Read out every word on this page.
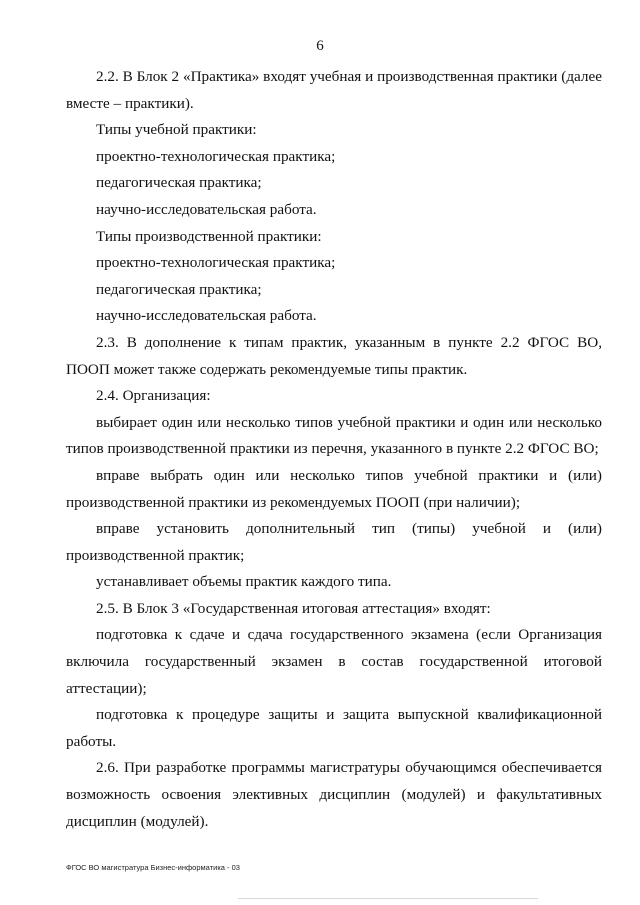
6

2.2. В Блок 2 «Практика» входят учебная и производственная практики (далее вместе – практики).

Типы учебной практики:

проектно-технологическая практика;

педагогическая практика;

научно-исследовательская работа.

Типы производственной практики:

проектно-технологическая практика;

педагогическая практика;

научно-исследовательская работа.

2.3. В дополнение к типам практик, указанным в пункте 2.2 ФГОС ВО, ПООП может также содержать рекомендуемые типы практик.

2.4. Организация:

выбирает один или несколько типов учебной практики и один или несколько типов производственной практики из перечня, указанного в пункте 2.2 ФГОС ВО;

вправе выбрать один или несколько типов учебной практики и (или) производственной практики из рекомендуемых ПООП (при наличии);

вправе установить дополнительный тип (типы) учебной и (или) производственной практик;

устанавливает объемы практик каждого типа.

2.5. В Блок 3 «Государственная итоговая аттестация» входят:

подготовка к сдаче и сдача государственного экзамена (если Организация включила государственный экзамен в состав государственной итоговой аттестации);

подготовка к процедуре защиты и защита выпускной квалификационной работы.

2.6. При разработке программы магистратуры обучающимся обеспечивается возможность освоения элективных дисциплин (модулей) и факультативных дисциплин (модулей).

ФГОС ВО магистратура Бизнес-информатика - 03
